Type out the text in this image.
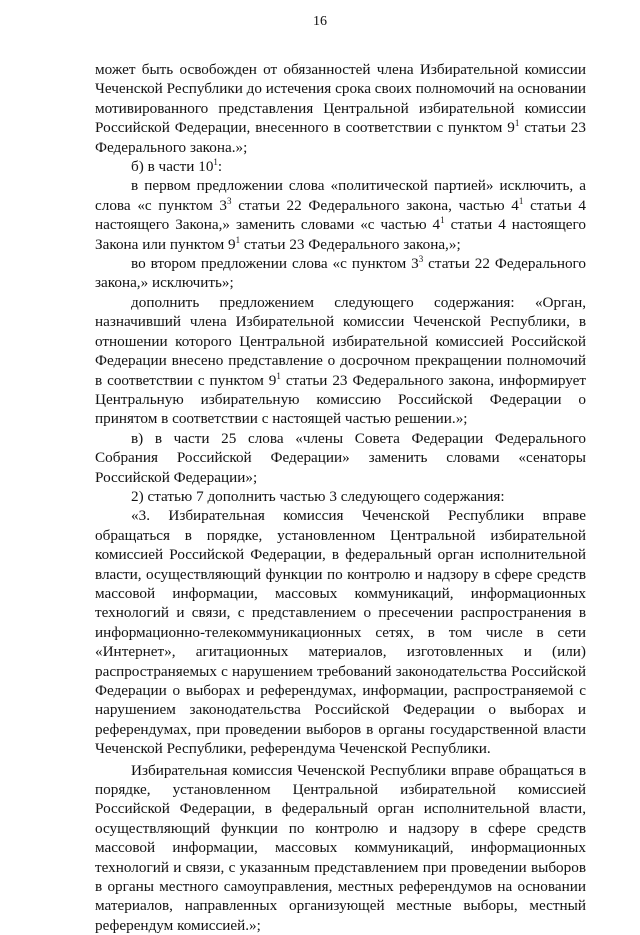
16

может быть освобожден от обязанностей члена Избирательной комиссии Чеченской Республики до истечения срока своих полномочий на основании мотивированного представления Центральной избирательной комиссии Российской Федерации, внесенного в соответствии с пунктом $9^1$ статьи 23 Федерального закона.»;

б) в части $10^1$:

в первом предложении слова «политической партией» исключить, а слова «с пунктом $3^3$ статьи 22 Федерального закона, частью $4^1$ статьи 4 настоящего Закона,» заменить словами «с частью $4^1$ статьи 4 настоящего Закона или пунктом $9^1$ статьи 23 Федерального закона,»;

во втором предложении слова «с пунктом $3^3$ статьи 22 Федерального закона,» исключить»;

дополнить предложением следующего содержания: «Орган, назначивший члена Избирательной комиссии Чеченской Республики, в отношении которого Центральной избирательной комиссией Российской Федерации внесено представление о досрочном прекращении полномочий в соответствии с пунктом $9^1$ статьи 23 Федерального закона, информирует Центральную избирательную комиссию Российской Федерации о принятом в соответствии с настоящей частью решении.»;

в) в части 25 слова «члены Совета Федерации Федерального Собрания Российской Федерации» заменить словами «сенаторы Российской Федерации»;

2) статью 7 дополнить частью 3 следующего содержания:

«3. Избирательная комиссия Чеченской Республики вправе обращаться в порядке, установленном Центральной избирательной комиссией Российской Федерации, в федеральный орган исполнительной власти, осуществляющий функции по контролю и надзору в сфере средств массовой информации, массовых коммуникаций, информационных технологий и связи, с представлением о пресечении распространения в информационно-телекоммуникационных сетях, в том числе в сети «Интернет», агитационных материалов, изготовленных и (или) распространяемых с нарушением требований законодательства Российской Федерации о выборах и референдумах, информации, распространяемой с нарушением законодательства Российской Федерации о выборах и референдумах, при проведении выборов в органы государственной власти Чеченской Республики, референдума Чеченской Республики.

Избирательная комиссия Чеченской Республики вправе обращаться в порядке, установленном Центральной избирательной комиссией Российской Федерации, в федеральный орган исполнительной власти, осуществляющий функции по контролю и надзору в сфере средств массовой информации, массовых коммуникаций, информационных технологий и связи, с указанным представлением при проведении выборов в органы местного самоуправления, местных референдумов на основании материалов, направленных организующей местные выборы, местный референдум комиссией.»;
